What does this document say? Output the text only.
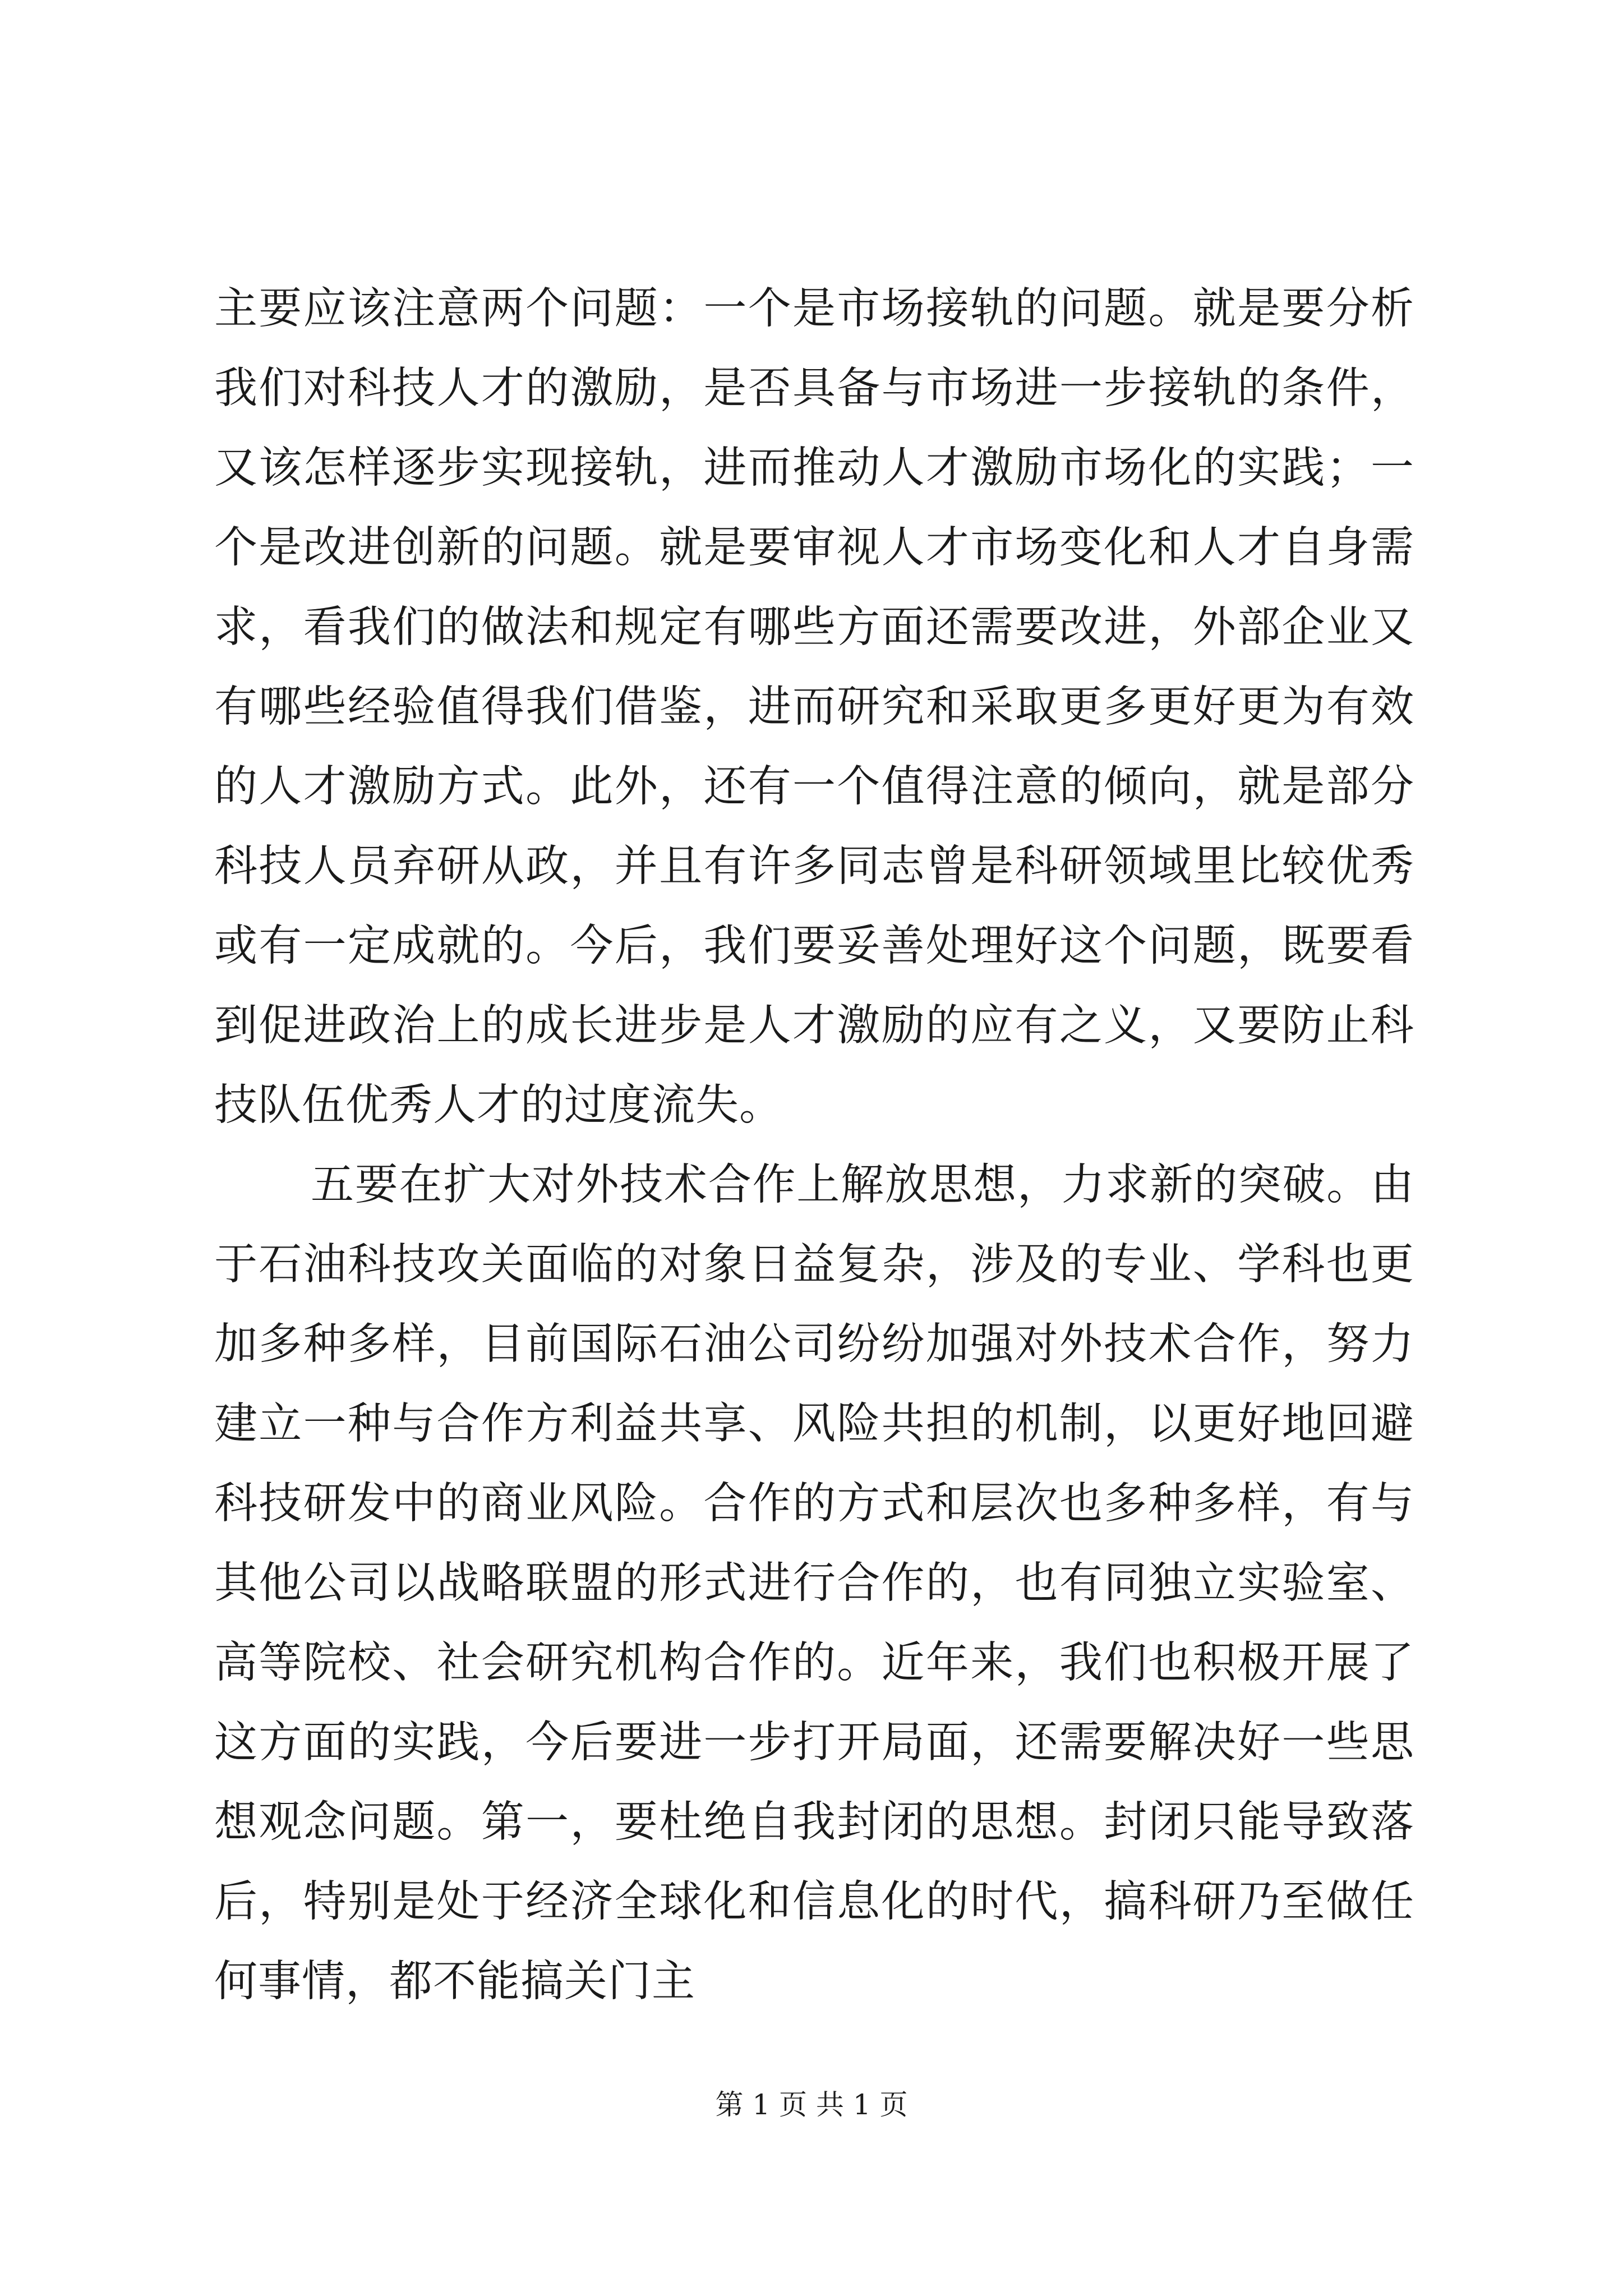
主要应该注意两个问题：一个是市场接轨的问题。就是要分析我们对科技人才的激励，是否具备与市场进一步接轨的条件，又该怎样逐步实现接轨，进而推动人才激励市场化的实践；一个是改进创新的问题。就是要审视人才市场变化和人才自身需求，看我们的做法和规定有哪些方面还需要改进，外部企业又有哪些经验值得我们借鉴，进而研究和采取更多更好更为有效的人才激励方式。此外，还有一个值得注意的倾向，就是部分科技人员弃研从政，并且有许多同志曾是科研领域里比较优秀或有一定成就的。今后，我们要妥善处理好这个问题，既要看到促进政治上的成长进步是人才激励的应有之义，又要防止科技队伍优秀人才的过度流失。

五要在扩大对外技术合作上解放思想，力求新的突破。由于石油科技攻关面临的对象日益复杂，涉及的专业、学科也更加多种多样，目前国际石油公司纷纷加强对外技术合作，努力建立一种与合作方利益共享、风险共担的机制，以更好地回避科技研发中的商业风险。合作的方式和层次也多种多样，有与其他公司以战略联盟的形式进行合作的，也有同独立实验室、高等院校、社会研究机构合作的。近年来，我们也积极开展了这方面的实践，今后要进一步打开局面，还需要解决好一些思想观念问题。第一，要杜绝自我封闭的思想。封闭只能导致落后，特别是处于经济全球化和信息化的时代，搞科研乃至做任何事情，都不能搞关门主

第 1 页 共 1 页
